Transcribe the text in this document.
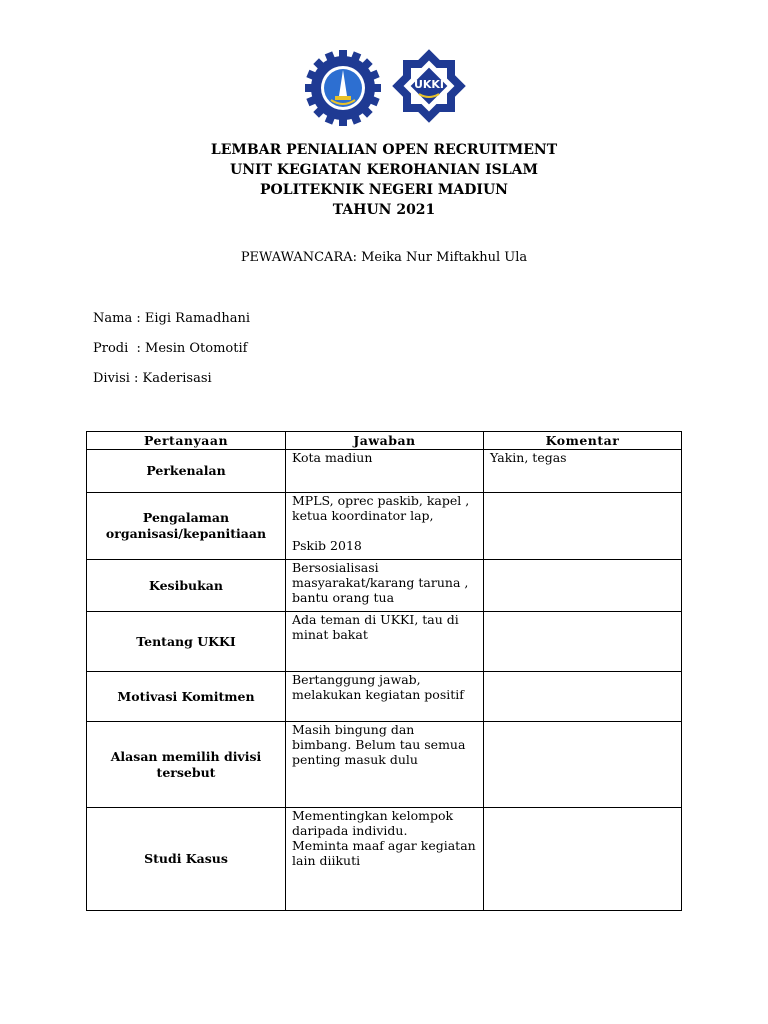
UKKI
LEMBAR PENIALIAN OPEN RECRUITMENT
UNIT KEGIATAN KEROHANIAN ISLAM
POLITEKNIK NEGERI MADIUN
TAHUN 2021
PEWAWANCARA: Meika Nur Miftakhul Ula
Nama : Eigi Ramadhani
Prodi  : Mesin Otomotif
Divisi : Kaderisasi
Pertanyaan	Jawaban	Komentar
Perkenalan	Kota madiun	Yakin, tegas
Pengalaman organisasi/kepanitiaan	MPLS, oprec paskib, kapel , ketua koordinator lap,
Pskib 2018	

Kesibukan	Bersosialisasi masyarakat/karang taruna , bantu orang tua	

Tentang UKKI	Ada teman di UKKI, tau di minat bakat	

Motivasi Komitmen	Bertanggung jawab, melakukan kegiatan positif	

Alasan memilih divisi tersebut	Masih bingung dan bimbang. Belum tau semua penting masuk dulu	

Studi Kasus	Mementingkan kelompok daripada individu.
Meminta maaf agar kegiatan lain diikuti	
